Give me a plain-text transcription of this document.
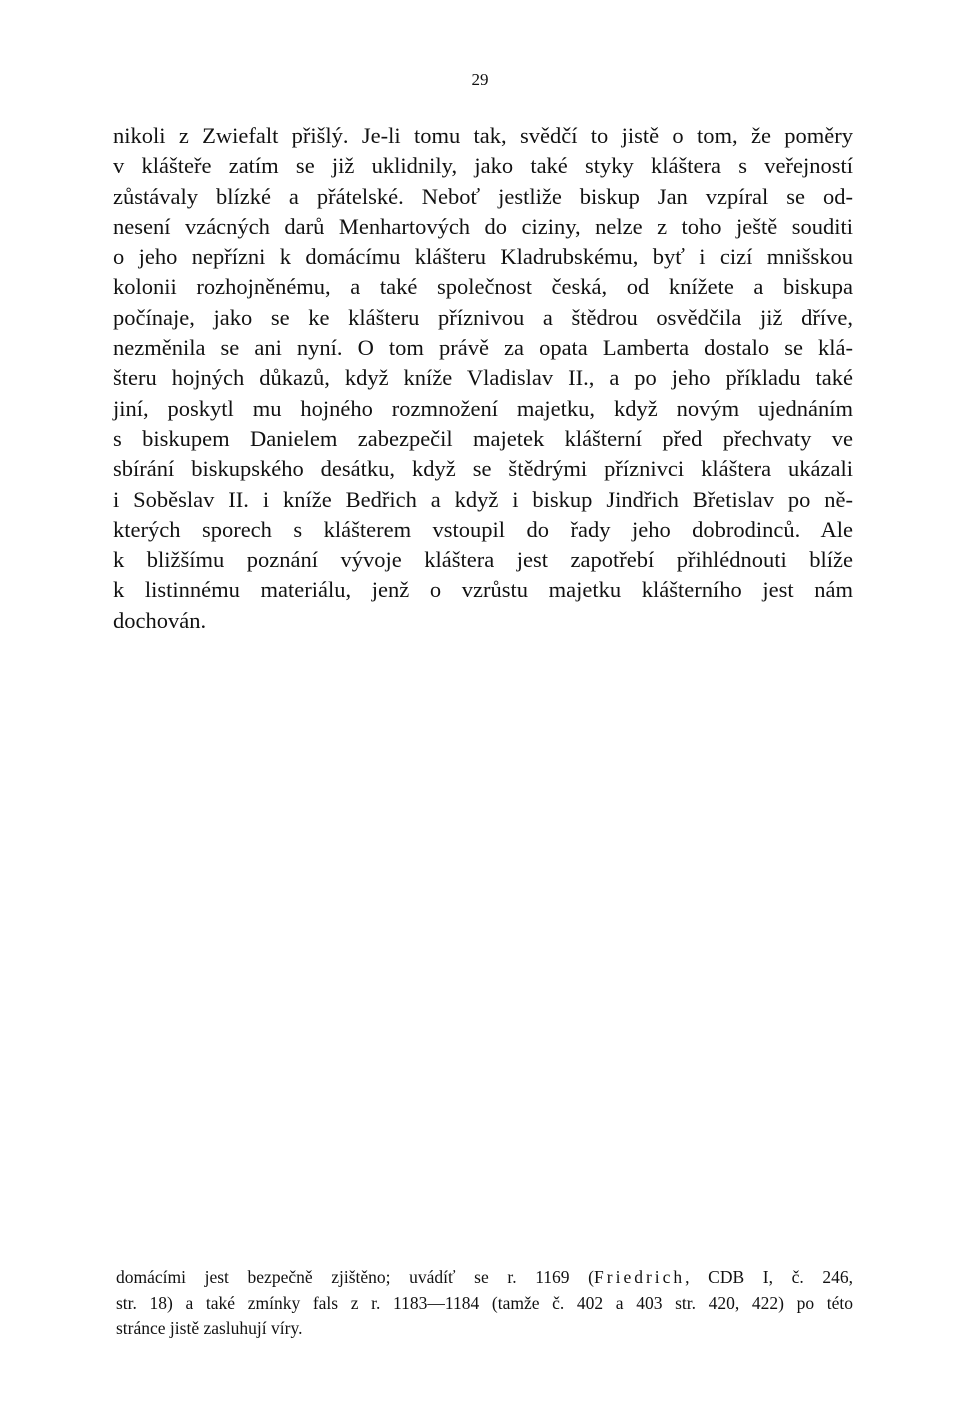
29
nikoli z Zwiefalt přišlý. Je-li tomu tak, svědčí to jistě o tom, že poměry
v klášteře zatím se již uklidnily, jako také styky kláštera s veřejností
zůstávaly blízké a přátelské. Neboť jestliže biskup Jan vzpíral se od-
nesení vzácných darů Menhartových do ciziny, nelze z toho ještě souditi
o jeho nepřízni k domácímu klášteru Kladrubskému, byť i cizí mnišskou
kolonii rozhojněnému, a také společnost česká, od knížete a biskupa
počínaje, jako se ke klášteru příznivou a štědrou osvědčila již dříve,
nezměnila se ani nyní. O tom právě za opata Lamberta dostalo se klá-
šteru hojných důkazů, když kníže Vladislav II., a po jeho příkladu také
jiní, poskytl mu hojného rozmnožení majetku, když novým ujednáním
s biskupem Danielem zabezpečil majetek klášterní před přechvaty ve
sbírání biskupského desátku, když se štědrými příznivci kláštera ukázali
i Soběslav II. i kníže Bedřich a když i biskup Jindřich Břetislav po ně-
kterých sporech s klášterem vstoupil do řady jeho dobrodinců. Ale
k bližšímu poznání vývoje kláštera jest zapotřebí přihlédnouti blíže
k listinnému materiálu, jenž o vzrůstu majetku klášterního jest nám
dochován.
domácími jest bezpečně zjištěno; uvádíť se r. 1169 (Friedrich, CDB I, č. 246,
str. 18) a také zmínky fals z r. 1183—1184 (tamže č. 402 a 403 str. 420, 422) po této
stránce jistě zasluhují víry.
